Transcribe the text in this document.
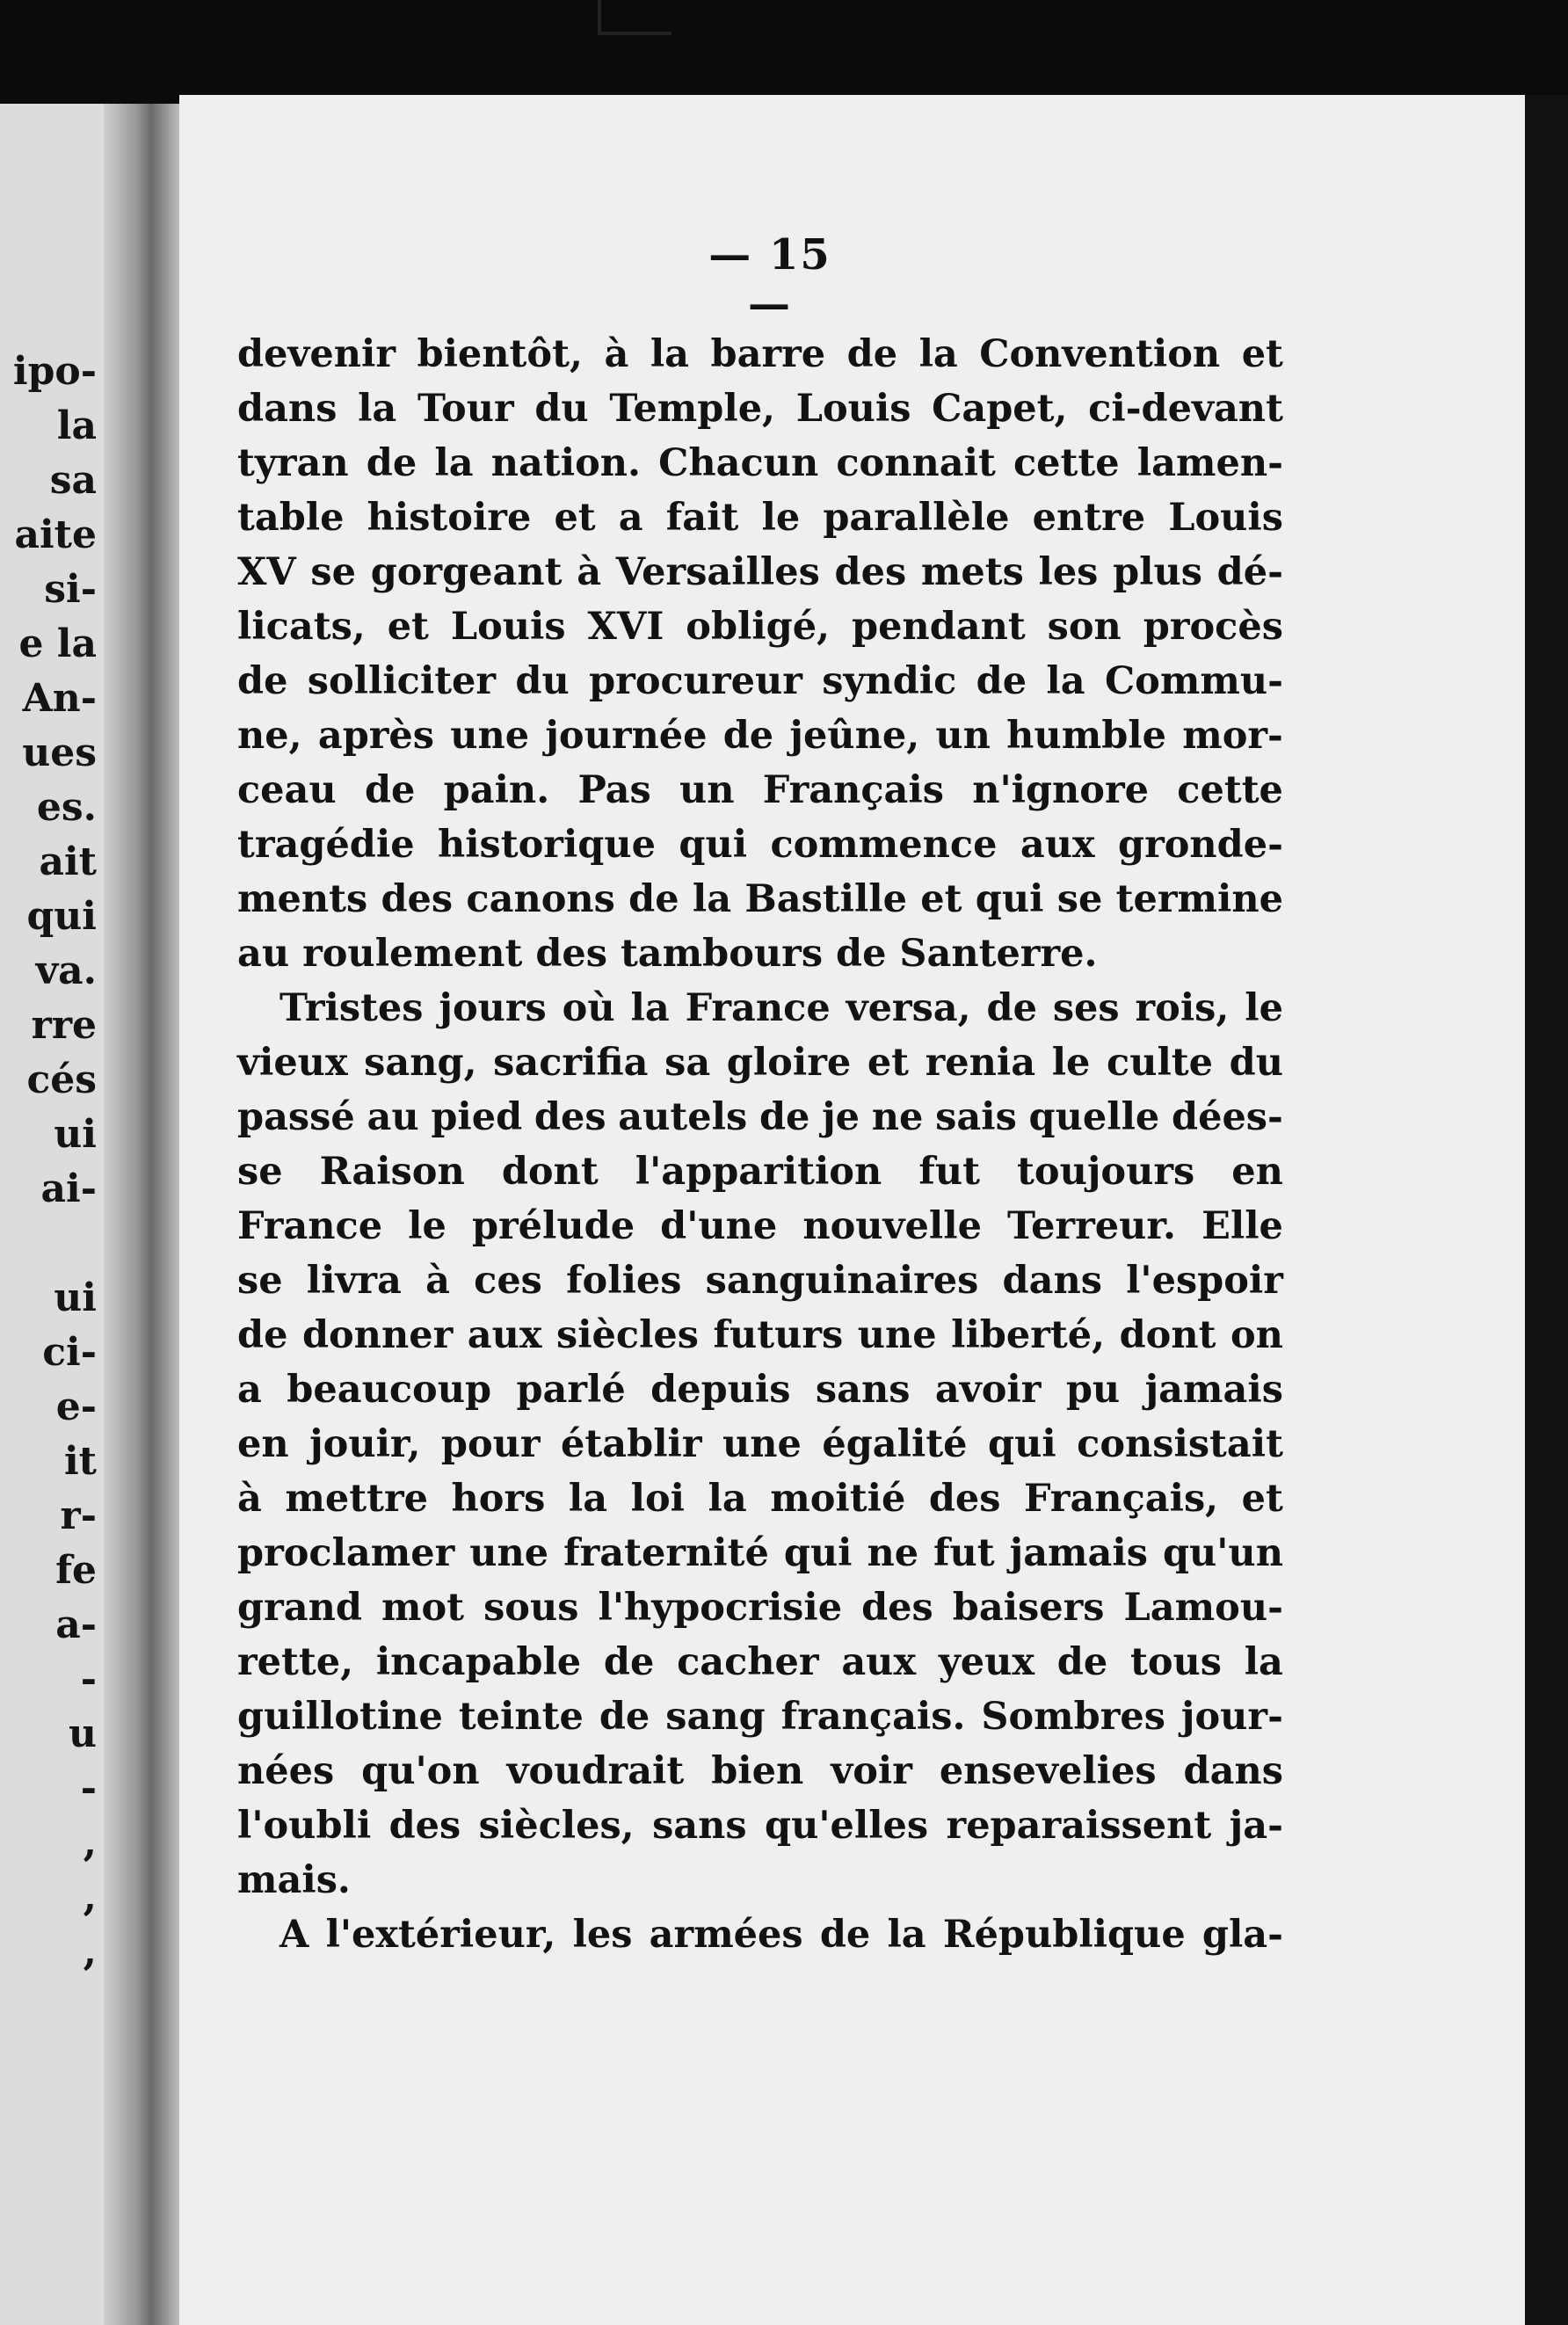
ipo-
la
sa
aite
si-
e la
An-
ues
es.
ait
qui
va.
rre
cés
ui
ai-
ui
ci-
e-
it
r-
fe
a-
-
u
-
,
,
,
— 15 —
devenir bientôt, à la barre de la Convention et
dans la Tour du Temple, Louis Capet, ci-devant
tyran de la nation. Chacun connait cette lamen-
table histoire et a fait le parallèle entre Louis
XV se gorgeant à Versailles des mets les plus dé-
licats, et Louis XVI obligé, pendant son procès
de solliciter du procureur syndic de la Commu-
ne, après une journée de jeûne, un humble mor-
ceau de pain. Pas un Français n'ignore cette
tragédie historique qui commence aux gronde-
ments des canons de la Bastille et qui se termine
au roulement des tambours de Santerre.
Tristes jours où la France versa, de ses rois, le
vieux sang, sacrifia sa gloire et renia le culte du
passé au pied des autels de je ne sais quelle dées-
se Raison dont l'apparition fut toujours en
France le prélude d'une nouvelle Terreur. Elle
se livra à ces folies sanguinaires dans l'espoir
de donner aux siècles futurs une liberté, dont on
a beaucoup parlé depuis sans avoir pu jamais
en jouir, pour établir une égalité qui consistait
à mettre hors la loi la moitié des Français, et
proclamer une fraternité qui ne fut jamais qu'un
grand mot sous l'hypocrisie des baisers Lamou-
rette, incapable de cacher aux yeux de tous la
guillotine teinte de sang français. Sombres jour-
nées qu'on voudrait bien voir ensevelies dans
l'oubli des siècles, sans qu'elles reparaissent ja-
mais.
A l'extérieur, les armées de la République gla-
